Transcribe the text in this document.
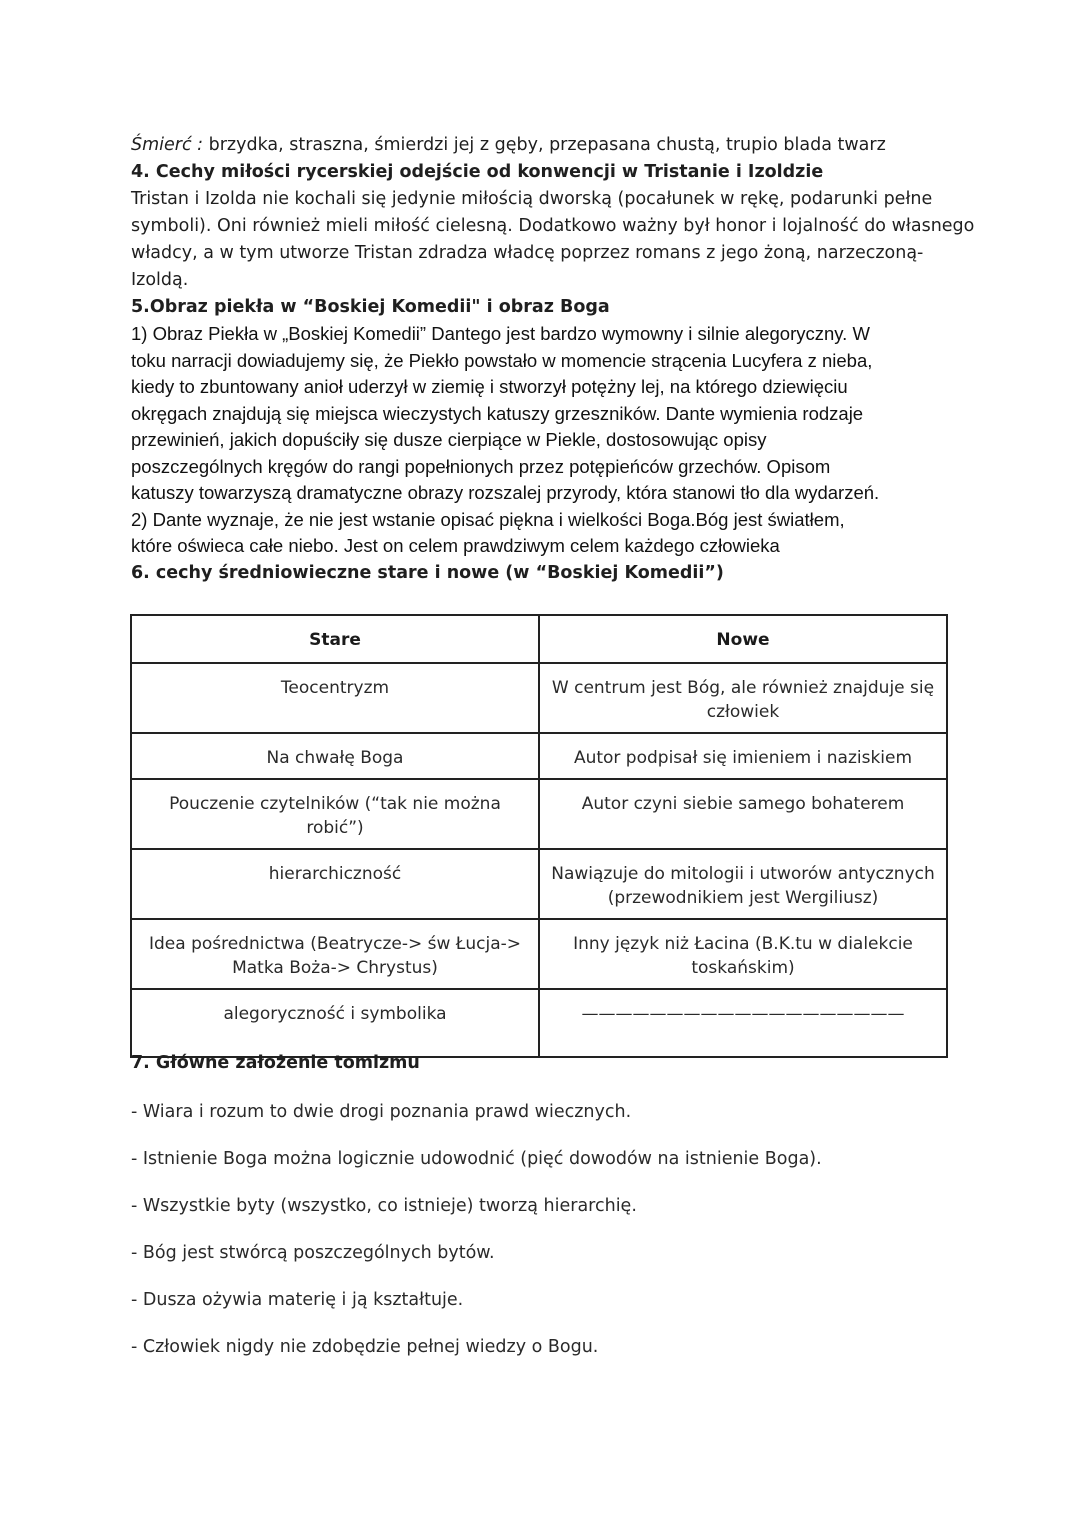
Śmierć : brzydka, straszna, śmierdzi jej z gęby, przepasana chustą, trupio blada twarz

4. Cechy miłości rycerskiej odejście od konwencji w Tristanie i Izoldzie

Tristan i Izolda nie kochali się jedynie miłością dworską (pocałunek w rękę, podarunki pełne

symboli). Oni również mieli miłość cielesną. Dodatkowo ważny był honor i lojalność do własnego

władcy, a w tym utworze Tristan zdradza władcę poprzez romans z jego żoną, narzeczoną-

Izoldą.

5.Obraz piekła w “Boskiej Komedii" i obraz Boga

1) Obraz Piekła w „Boskiej Komedii” Dantego jest bardzo wymowny i silnie alegoryczny. W

toku narracji dowiadujemy się, że Piekło powstało w momencie strącenia Lucyfera z nieba,

kiedy to zbuntowany anioł uderzył w ziemię i stworzył potężny lej, na którego dziewięciu

okręgach znajdują się miejsca wieczystych katuszy grzeszników. Dante wymienia rodzaje

przewinień, jakich dopuściły się dusze cierpiące w Piekle, dostosowując opisy

poszczególnych kręgów do rangi popełnionych przez potępieńców grzechów. Opisom

katuszy towarzyszą dramatyczne obrazy rozszalej przyrody, która stanowi tło dla wydarzeń.

2) Dante wyznaje, że nie jest wstanie opisać piękna i wielkości Boga.Bóg jest światłem,

które oświeca całe niebo. Jest on celem prawdziwym celem każdego człowieka

6. cechy średniowieczne stare i nowe (w “Boskiej Komedii”)

Stare	Nowe
Teocentryzm	W centrum jest Bóg, ale również znajduje się człowiek
Na chwałę Boga	Autor podpisał się imieniem i naziskiem
Pouczenie czytelników (“tak nie można robić”)	Autor czyni siebie samego bohaterem
hierarchiczność	Nawiązuje do mitologii i utworów antycznych (przewodnikiem jest Wergiliusz)
Idea pośrednictwa (Beatrycze-> św Łucja-> Matka Boża-> Chrystus)	Inny język niż Łacina (B.K.tu w dialekcie toskańskim)
alegoryczność i symbolika	———————————————————

7. Główne założenie tomizmu

- Wiara i rozum to dwie drogi poznania prawd wiecznych.

- Istnienie Boga można logicznie udowodnić (pięć dowodów na istnienie Boga).

- Wszystkie byty (wszystko, co istnieje) tworzą hierarchię.

- Bóg jest stwórcą poszczególnych bytów.

- Dusza ożywia materię i ją kształtuje.

- Człowiek nigdy nie zdobędzie pełnej wiedzy o Bogu.
